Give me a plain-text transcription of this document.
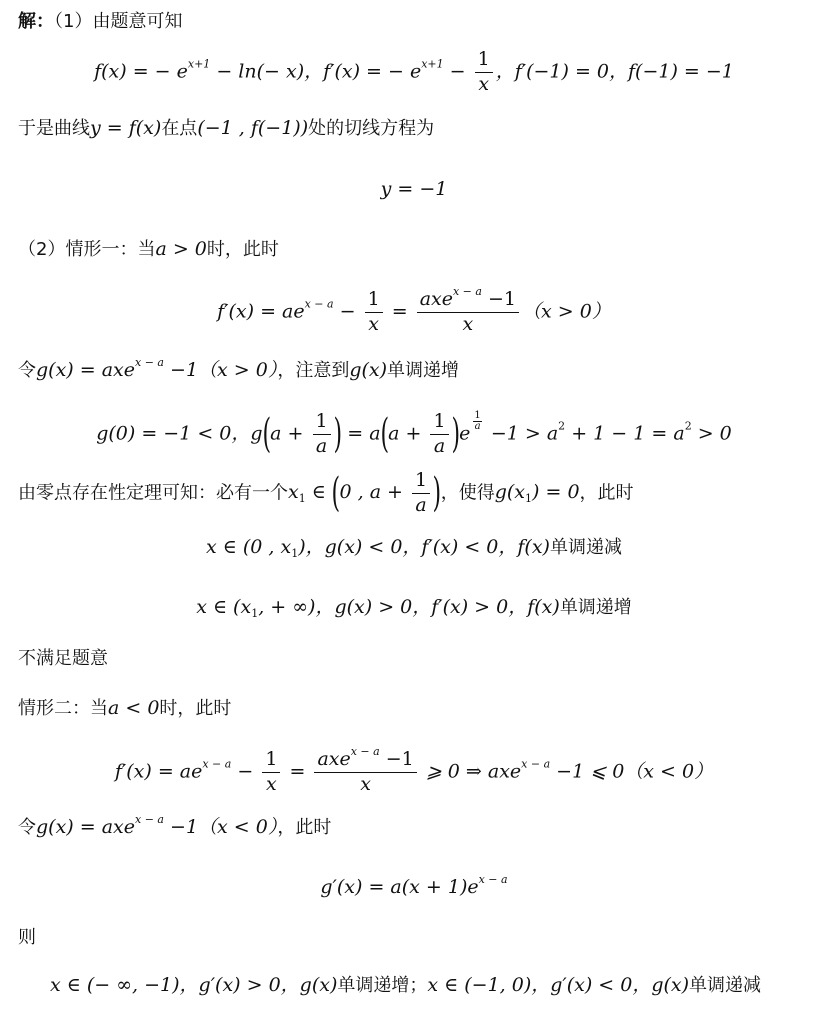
解：（1）由题意可知
f(x) = − $e^{x+1} - \ln(- x)$，f′(x) = − $e^{x+1} - \frac{1}{x}$ ，f′(−1) = 0，f(−1) = −1
于是曲线y = f(x)在点(−1 , f(−1))处的切线方程为
y = −1
（2）情形一：当a > 0时，此时
$f'(x) = ae^{x - a} - \frac{1}{x} = \frac{axe^{x - a} -1}{x} (x > 0)$
令g(x) = axe$^{x - a}$ −1（x > 0），注意到g(x)单调递增
g(0) = −1 < 0，$g(a + \frac{1}{a}$ ) = $a(a + \frac{1}{a} )e$
$\frac{1}{a}$
$-1 > a^2 + 1 - 1 = a^2 > 0$
由零点存在性定理可知：必有一个$x_1$ ∈ (0 , $a + \frac{1}{a}$ )，使得$g(x_1) = 0$，此时
x ∈ (0 , $x_1$)，g(x) < 0，f′(x) < 0，f(x)单调递减
x ∈ ($x_1$, + ∞)，g(x) > 0，f′(x) > 0，f(x)单调递增
不满足题意
情形二：当a < 0时，此时
$f'(x) = ae^{x - a} - \frac{1}{x} = \frac{axe^{x - a} -1}{x}$ ⩾ 0 ⇒ axe$^{x - a}$ −1 ⩽ 0（x < 0）
令g(x) = axe$^{x - a}$ −1（x < 0），此时
$g'(x) = a(x + 1)e^{x - a}$
则
x ∈ (− ∞, −1)，g′(x) > 0，g(x)单调递增；x ∈ (−1, 0)，g′(x) < 0，g(x)单调递减
